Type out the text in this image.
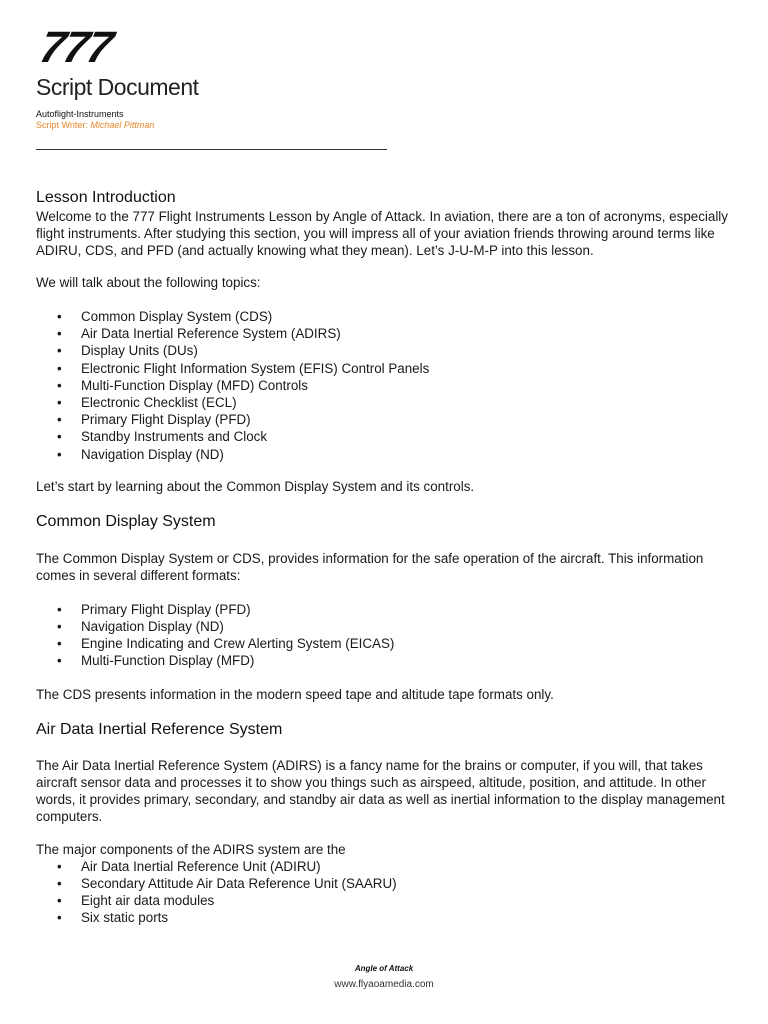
777
Script Document
Autoflight-Instruments
Script Writer: Michael Pittman
Lesson Introduction

Welcome to the 777 Flight Instruments Lesson by Angle of Attack. In aviation, there are a ton of acronyms, especially flight instruments. After studying this section, you will impress all of your aviation friends throwing around terms like ADIRU, CDS, and PFD (and actually knowing what they mean). Let’s J-U-M-P into this lesson.

We will talk about the following topics:

• Common Display System (CDS)
• Air Data Inertial Reference System (ADIRS)
• Display Units (DUs)
• Electronic Flight Information System (EFIS) Control Panels
• Multi-Function Display (MFD) Controls
• Electronic Checklist (ECL)
• Primary Flight Display (PFD)
• Standby Instruments and Clock
• Navigation Display (ND)

Let’s start by learning about the Common Display System and its controls.

Common Display System

The Common Display System or CDS, provides information for the safe operation of the aircraft. This information comes in several different formats:

• Primary Flight Display (PFD)
• Navigation Display (ND)
• Engine Indicating and Crew Alerting System (EICAS)
• Multi-Function Display (MFD)

The CDS presents information in the modern speed tape and altitude tape formats only.

Air Data Inertial Reference System

The Air Data Inertial Reference System (ADIRS) is a fancy name for the brains or computer, if you will, that takes aircraft sensor data and processes it to show you things such as airspeed, altitude, position, and attitude. In other words, it provides primary, secondary, and standby air data as well as inertial information to the display management computers.

The major components of the ADIRS system are the

• Air Data Inertial Reference Unit (ADIRU)
• Secondary Attitude Air Data Reference Unit (SAARU)
• Eight air data modules
• Six static ports
Angle of Attack
www.flyaoamedia.com
